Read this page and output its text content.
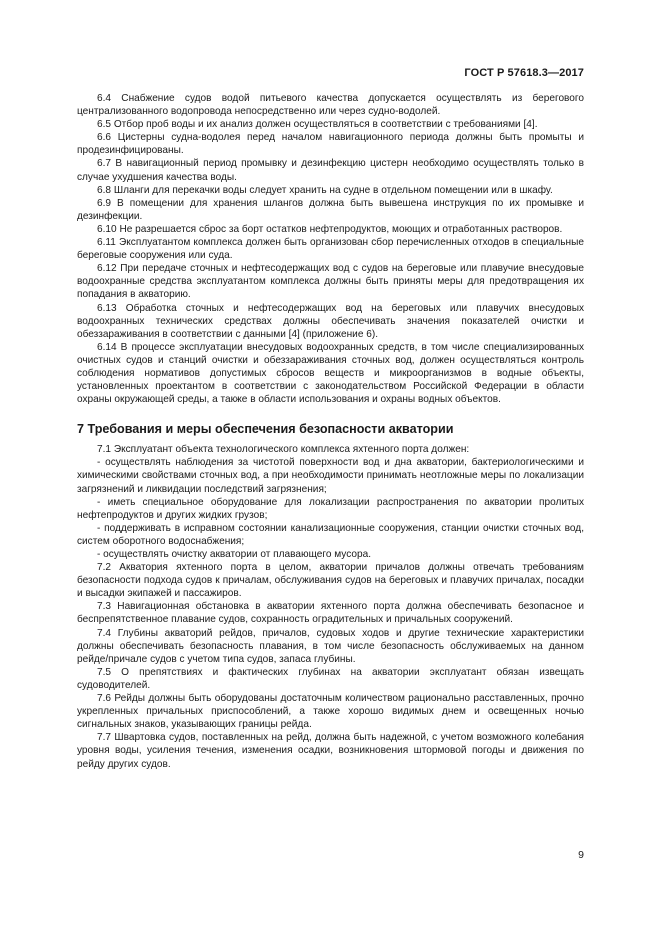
ГОСТ Р 57618.3—2017

6.4 Снабжение судов водой питьевого качества допускается осуществлять из берегового централизованного водопровода непосредственно или через судно-водолей.

6.5 Отбор проб воды и их анализ должен осуществляться в соответствии с требованиями [4].

6.6 Цистерны судна-водолея перед началом навигационного периода должны быть промыты и продезинфицированы.

6.7 В навигационный период промывку и дезинфекцию цистерн необходимо осуществлять только в случае ухудшения качества воды.

6.8 Шланги для перекачки воды следует хранить на судне в отдельном помещении или в шкафу.

6.9 В помещении для хранения шлангов должна быть вывешена инструкция по их промывке и дезинфекции.

6.10 Не разрешается сброс за борт остатков нефтепродуктов, моющих и отработанных растворов.

6.11 Эксплуатантом комплекса должен быть организован сбор перечисленных отходов в специальные береговые сооружения или суда.

6.12 При передаче сточных и нефтесодержащих вод с судов на береговые или плавучие внесудовые водоохранные средства эксплуатантом комплекса должны быть приняты меры для предотвращения их попадания в акваторию.

6.13 Обработка сточных и нефтесодержащих вод на береговых или плавучих внесудовых водоохранных технических средствах должны обеспечивать значения показателей очистки и обеззараживания в соответствии с данными [4] (приложение 6).

6.14 В процессе эксплуатации внесудовых водоохранных средств, в том числе специализированных очистных судов и станций очистки и обеззараживания сточных вод, должен осуществляться контроль соблюдения нормативов допустимых сбросов веществ и микроорганизмов в водные объекты, установленных проектантом в соответствии с законодательством Российской Федерации в области охраны окружающей среды, а также в области использования и охраны водных объектов.

7 Требования и меры обеспечения безопасности акватории

7.1 Эксплуатант объекта технологического комплекса яхтенного порта должен:

- осуществлять наблюдения за чистотой поверхности вод и дна акватории, бактериологическими и химическими свойствами сточных вод, а при необходимости принимать неотложные меры по локализации загрязнений и ликвидации последствий загрязнения;

- иметь специальное оборудование для локализации распространения по акватории пролитых нефтепродуктов и других жидких грузов;

- поддерживать в исправном состоянии канализационные сооружения, станции очистки сточных вод, систем оборотного водоснабжения;

- осуществлять очистку акватории от плавающего мусора.

7.2 Акватория яхтенного порта в целом, акватории причалов должны отвечать требованиям безопасности подхода судов к причалам, обслуживания судов на береговых и плавучих причалах, посадки и высадки экипажей и пассажиров.

7.3 Навигационная обстановка в акватории яхтенного порта должна обеспечивать безопасное и беспрепятственное плавание судов, сохранность оградительных и причальных сооружений.

7.4 Глубины акваторий рейдов, причалов, судовых ходов и другие технические характеристики должны обеспечивать безопасность плавания, в том числе безопасность обслуживаемых на данном рейде/причале судов с учетом типа судов, запаса глубины.

7.5 О препятствиях и фактических глубинах на акватории эксплуатант обязан извещать судоводителей.

7.6 Рейды должны быть оборудованы достаточным количеством рационально расставленных, прочно укрепленных причальных приспособлений, а также хорошо видимых днем и освещенных ночью сигнальных знаков, указывающих границы рейда.

7.7 Швартовка судов, поставленных на рейд, должна быть надежной, с учетом возможного колебания уровня воды, усиления течения, изменения осадки, возникновения штормовой погоды и движения по рейду других судов.

9
